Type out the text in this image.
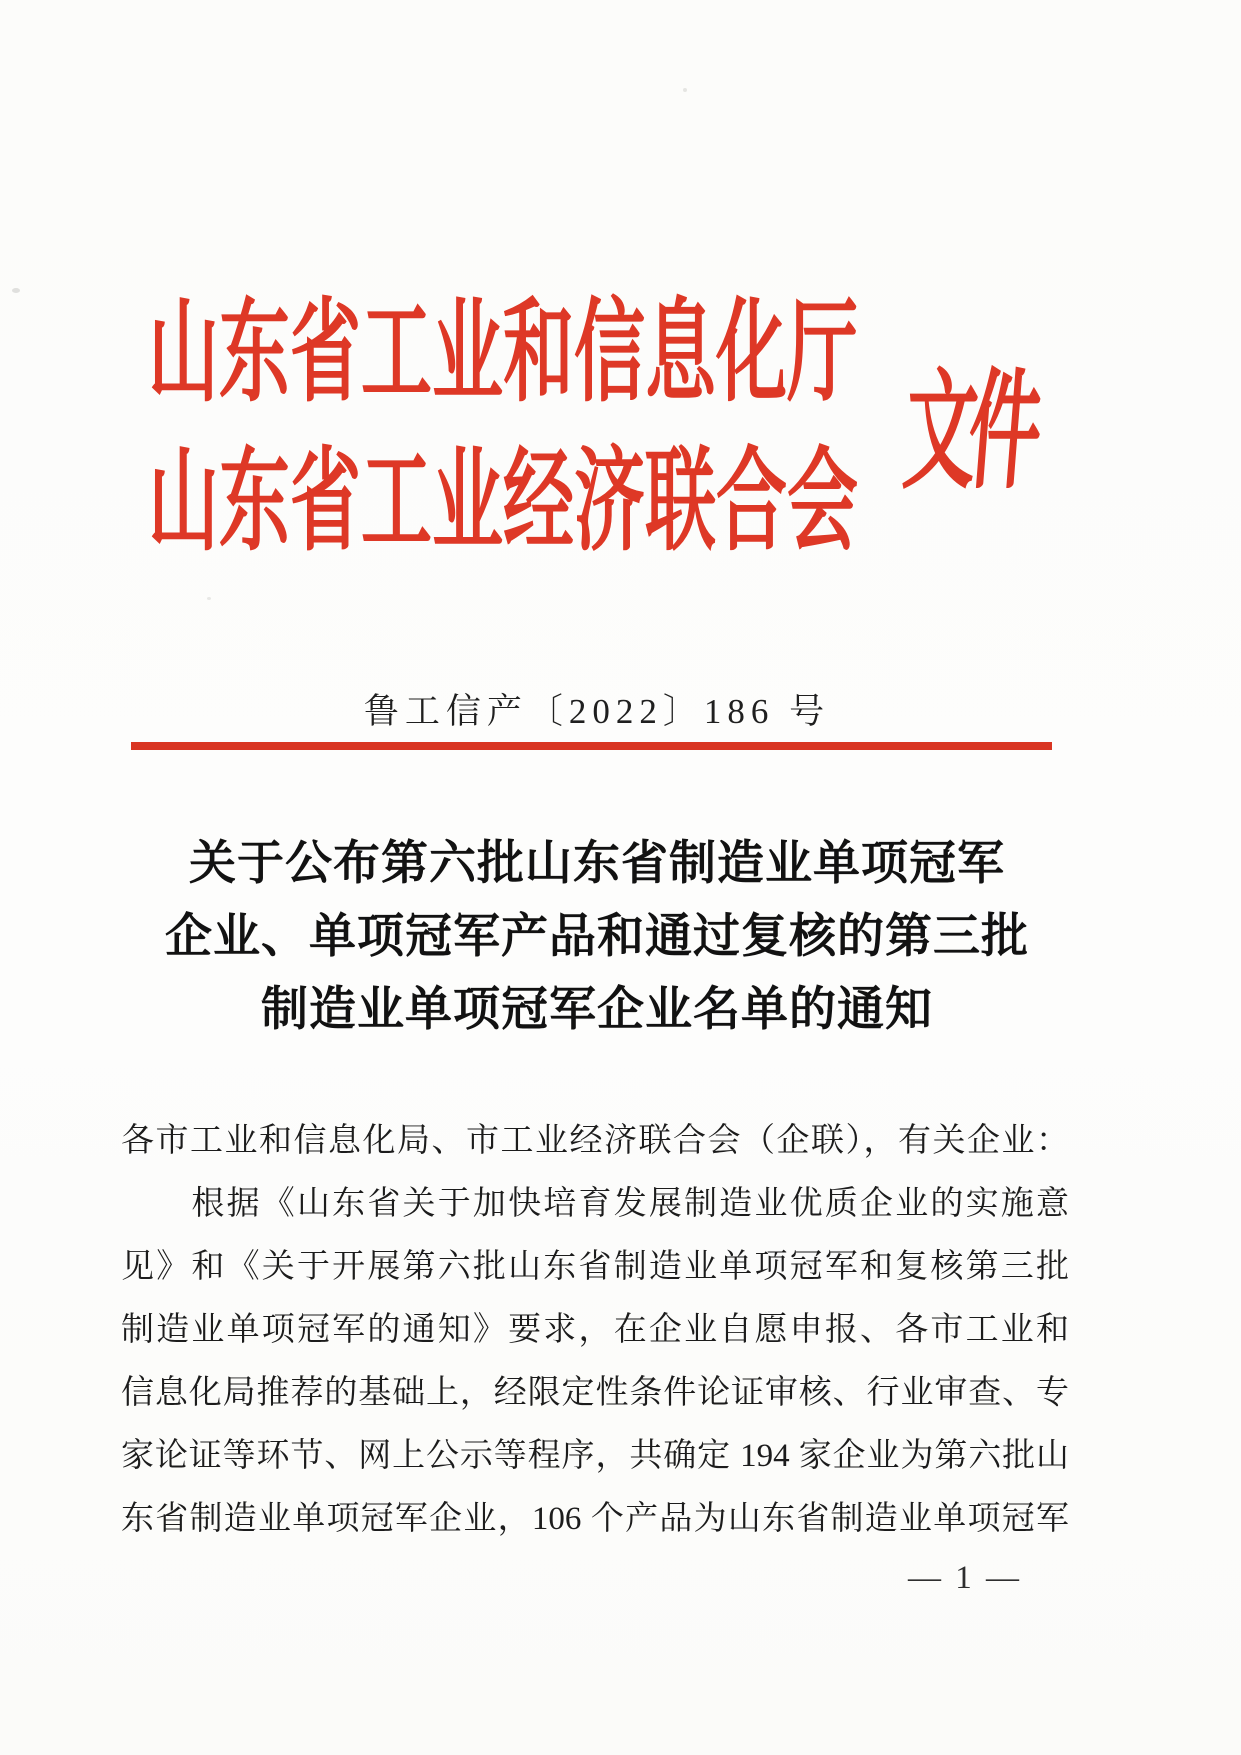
山东省工业和信息化厅
山东省工业经济联合会 文件
鲁工信产〔2022〕186 号
关于公布第六批山东省制造业单项冠军
企业、单项冠军产品和通过复核的第三批
制造业单项冠军企业名单的通知

各市工业和信息化局、市工业经济联合会（企联），有关企业：

　　根据《山东省关于加快培育发展制造业优质企业的实施意

见》和《关于开展第六批山东省制造业单项冠军和复核第三批

制造业单项冠军的通知》要求，在企业自愿申报、各市工业和

信息化局推荐的基础上，经限定性条件论证审核、行业审查、专

家论证等环节、网上公示等程序，共确定 194 家企业为第六批山

东省制造业单项冠军企业，106 个产品为山东省制造业单项冠军

— 1 —
